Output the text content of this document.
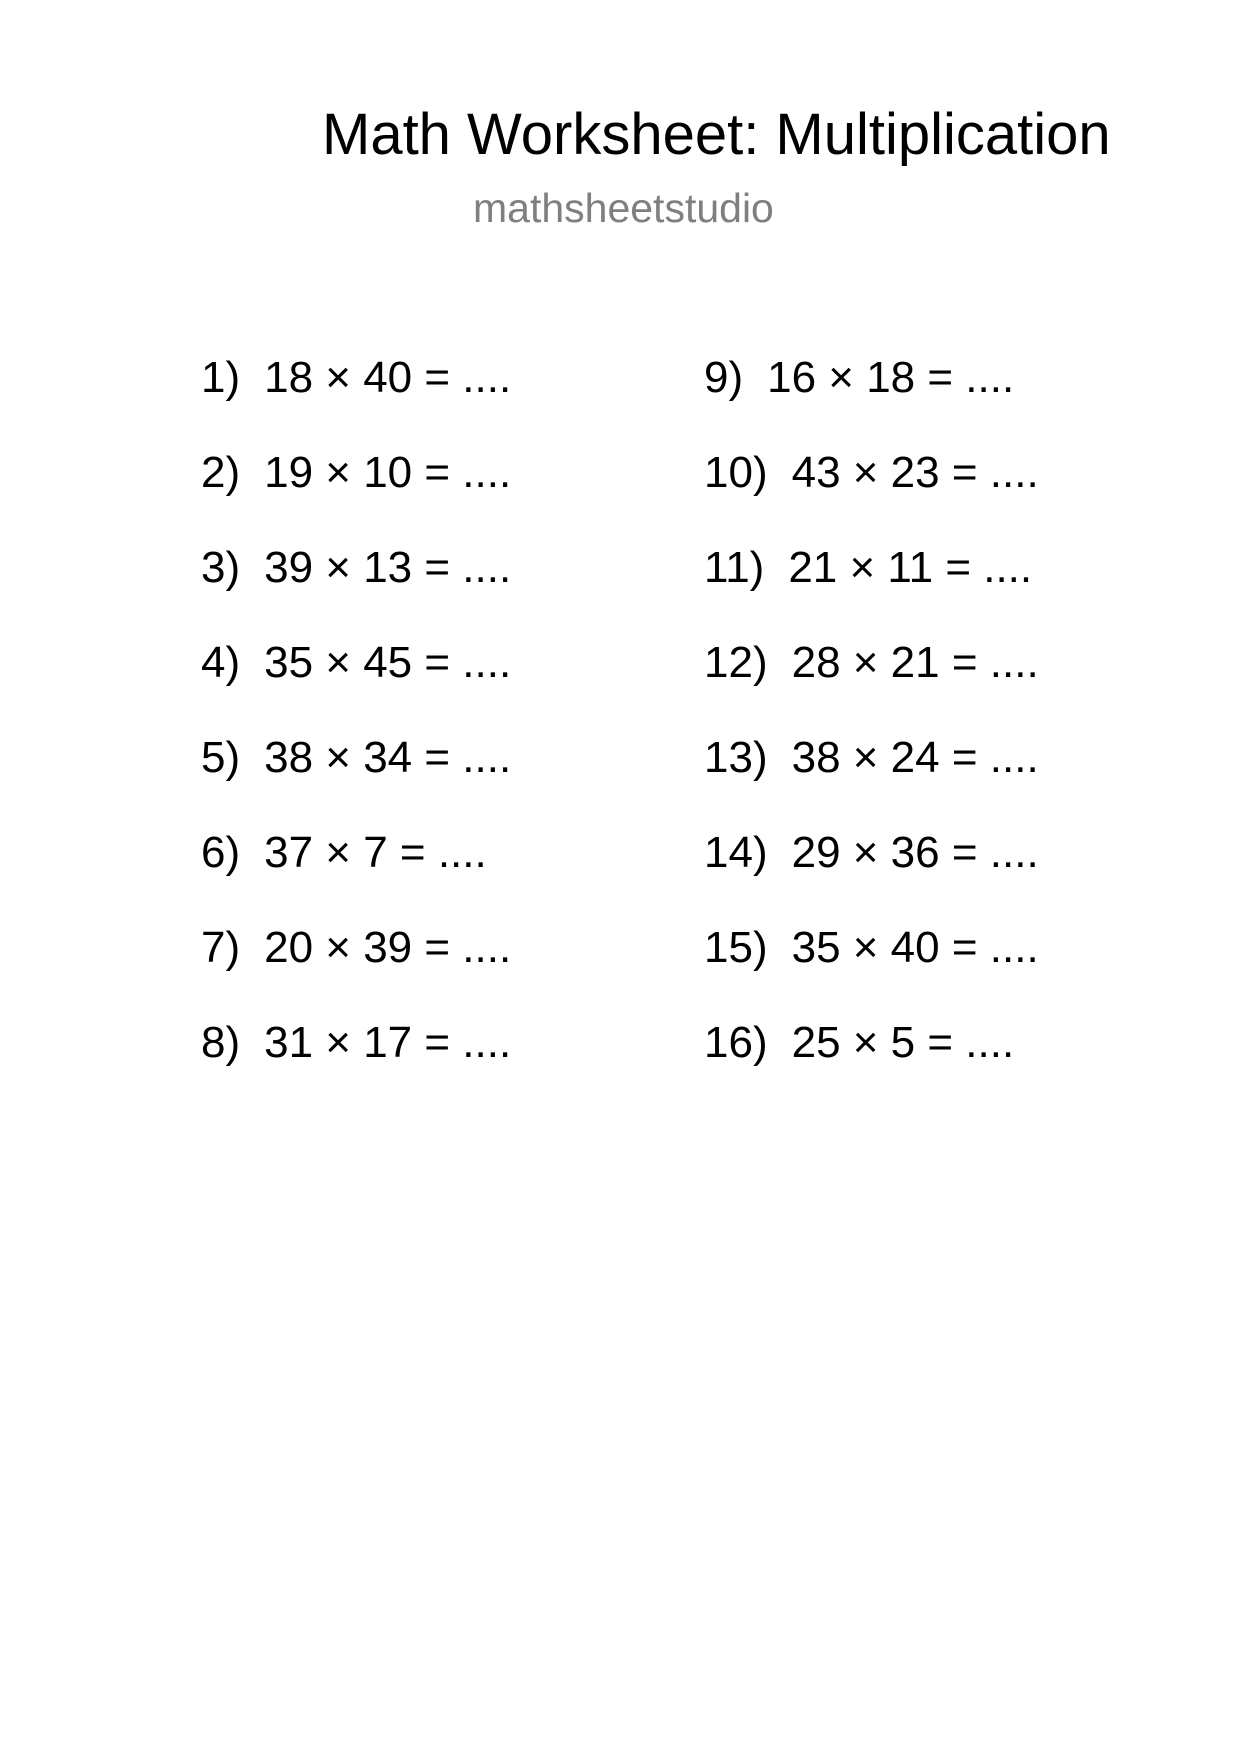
Math Worksheet: Multiplication
mathsheetstudio
1) 18 × 40 = ....
2) 19 × 10 = ....
3) 39 × 13 = ....
4) 35 × 45 = ....
5) 38 × 34 = ....
6) 37 × 7 = ....
7) 20 × 39 = ....
8) 31 × 17 = ....
9) 16 × 18 = ....
10) 43 × 23 = ....
11) 21 × 11 = ....
12) 28 × 21 = ....
13) 38 × 24 = ....
14) 29 × 36 = ....
15) 35 × 40 = ....
16) 25 × 5 = ....
